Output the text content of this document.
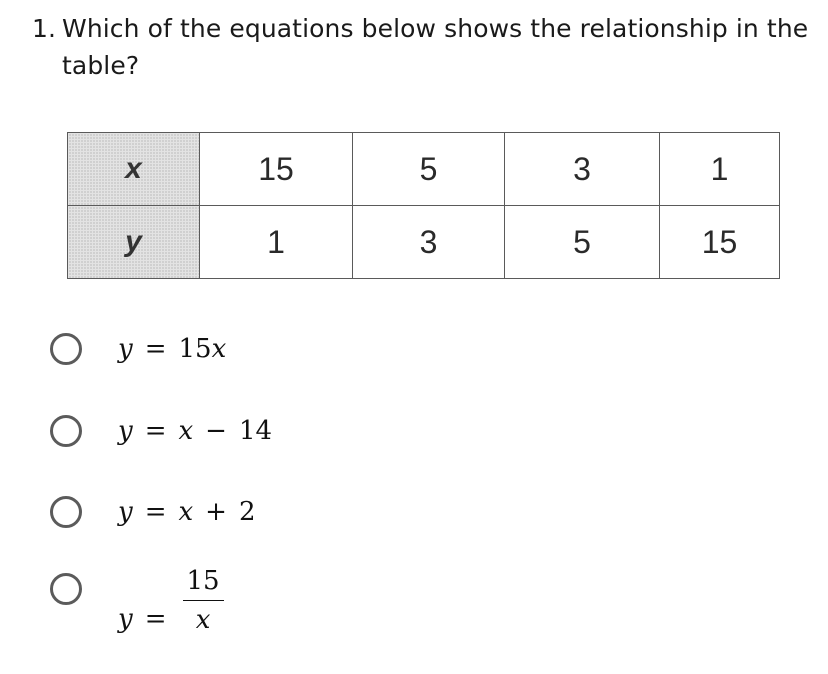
1. Which of the equations below shows the relationship in the table?
x	15	5	3	1
y	1	3	5	15
y = 15 x
y = x − 14
y = x + 2
$y = \frac{15}{x}$
